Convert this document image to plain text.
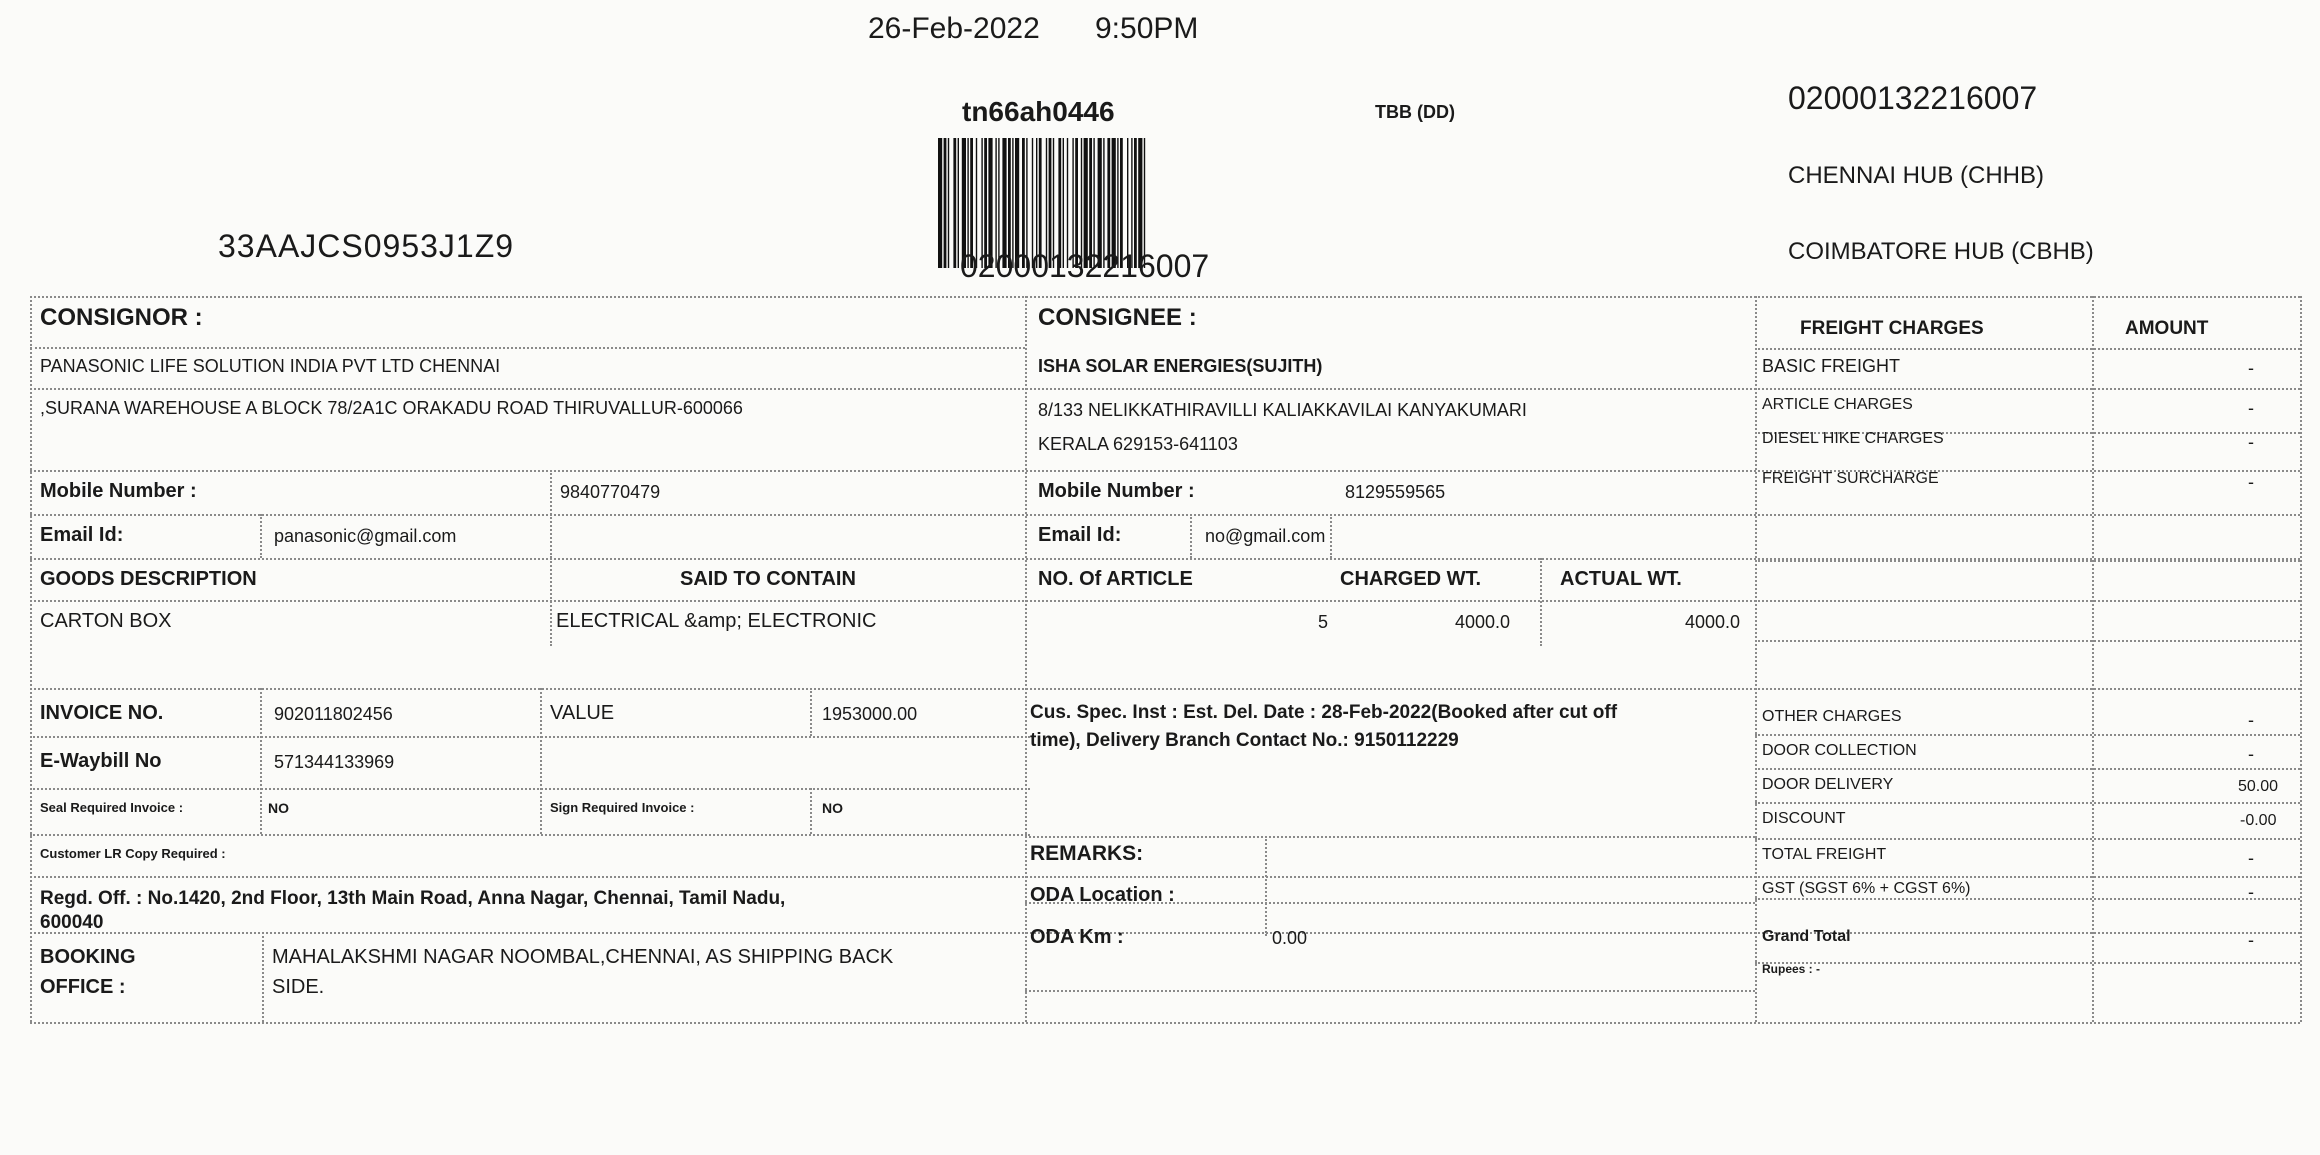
26-Feb-2022 9:50PM
tn66ah0446	TBB (DD)
02000132216007
02000132216007
CHENNAI HUB (CHHB)
COIMBATORE HUB (CBHB)
33AAJCS0953J1Z9
CONSIGNOR :
PANASONIC LIFE SOLUTION INDIA PVT LTD CHENNAI
,SURANA WAREHOUSE A BLOCK 78/2A1C ORAKADU ROAD THIRUVALLUR-600066
Mobile Number :	9840770479
Email Id:	panasonic@gmail.com
CONSIGNEE :
ISHA SOLAR ENERGIES(SUJITH)
8/133 NELIKKATHIRAVILLI KALIAKKAVILAI KANYAKUMARI
KERALA 629153-641103
Mobile Number :	8129559565
Email Id:	no@gmail.com
GOODS DESCRIPTION	SAID TO CONTAIN	NO. Of ARTICLE	CHARGED WT.	ACTUAL WT.
CARTON BOX	ELECTRICAL &amp; ELECTRONIC	5	4000.0	4000.0
INVOICE NO.	902011802456	VALUE	1953000.00
E-Waybill No	571344133969
Seal Required Invoice :	NO	Sign Required Invoice :	NO
Customer LR Copy Required :
Regd. Off. : No.1420, 2nd Floor, 13th Main Road, Anna Nagar, Chennai, Tamil Nadu,
600040
BOOKING
OFFICE :
MAHALAKSHMI NAGAR NOOMBAL,CHENNAI, AS SHIPPING BACK
SIDE.
Cus. Spec. Inst : Est. Del. Date : 28-Feb-2022(Booked after cut off
time), Delivery Branch Contact No.: 9150112229
REMARKS:
ODA Location :
ODA Km :	0.00
FREIGHT CHARGES	AMOUNT
BASIC FREIGHT	-
ARTICLE CHARGES	-
DIESEL HIKE CHARGES	-
FREIGHT SURCHARGE	-
OTHER CHARGES	-
DOOR COLLECTION	-
DOOR DELIVERY	50.00
DISCOUNT	-0.00
TOTAL FREIGHT	-
GST (SGST 6% + CGST 6%)	-
Grand Total	-
Rupees : -
